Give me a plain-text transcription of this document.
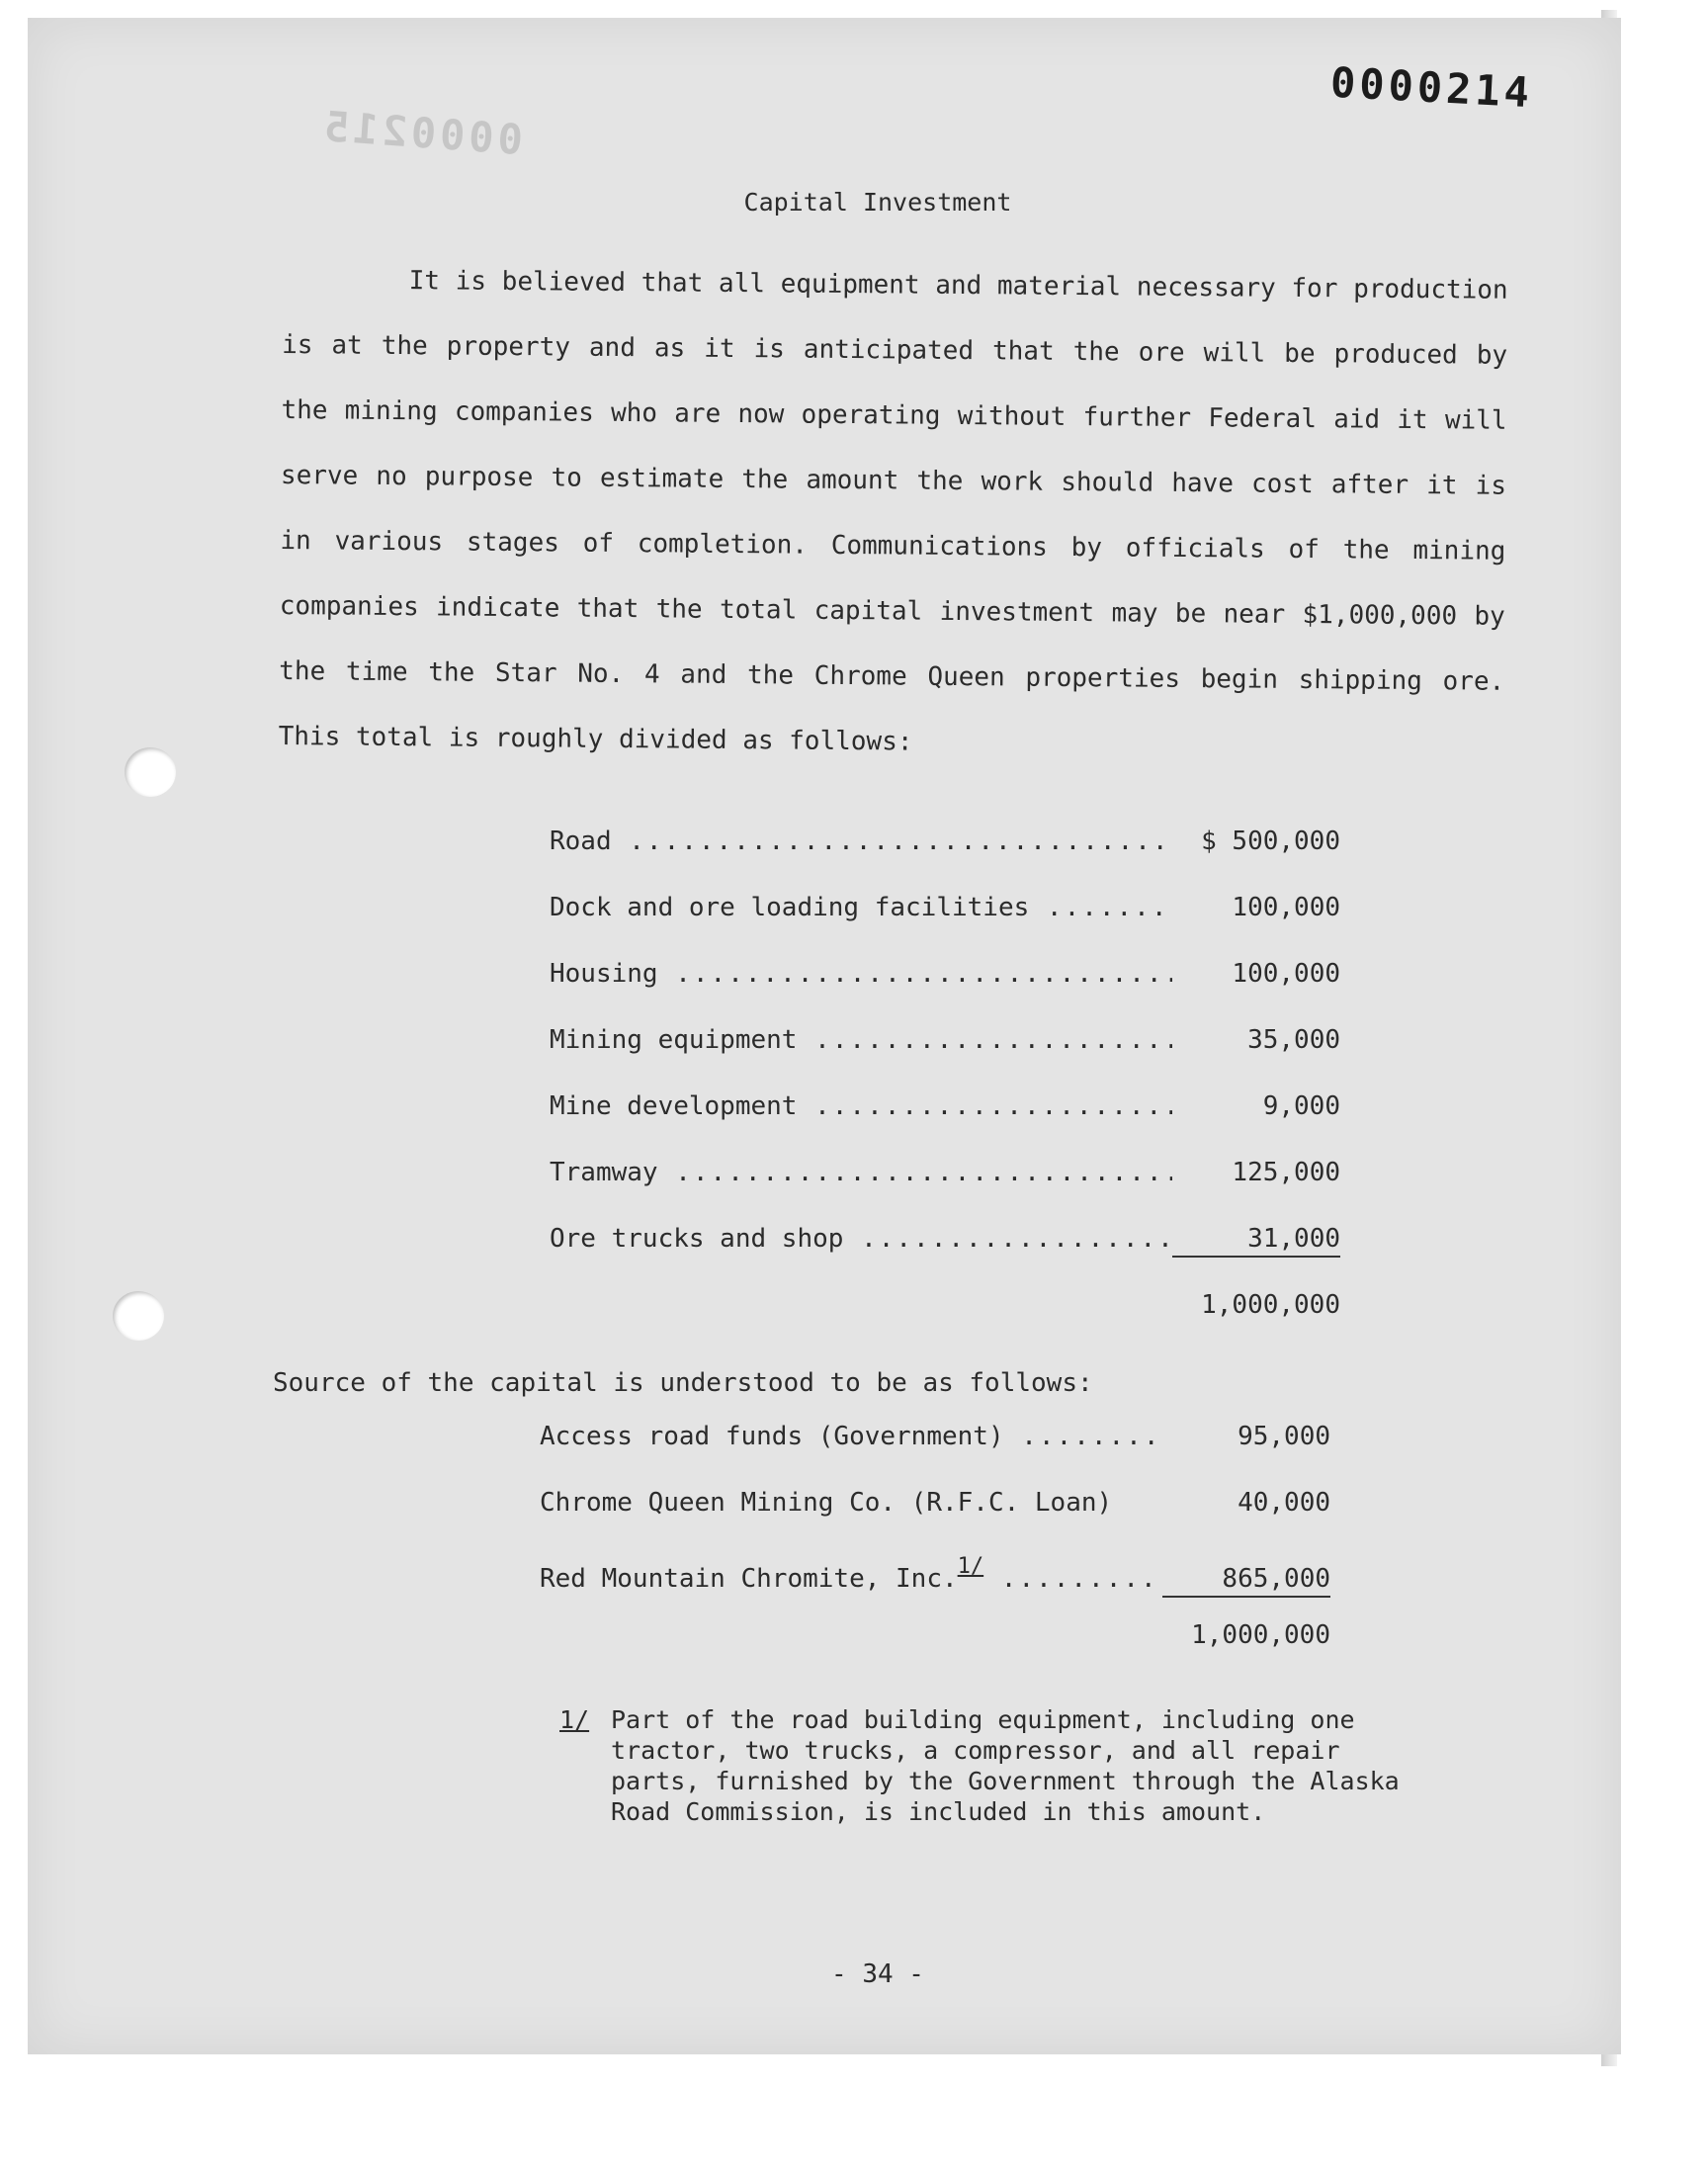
0000215
0000214
Capital Investment
It is believed that all equipment and material necessary for production is at the property and as it is anticipated that the ore will be produced by the mining companies who are now operating without further Federal aid it will serve no purpose to estimate the amount the work should have cost after it is in various stages of completion. Communications by officials of the mining companies indicate that the total capital investment may be near $1,000,000 by the time the Star No. 4 and the Chrome Queen properties begin shipping ore. This total is roughly divided as follows:
Road .....	$ 500,000
Dock and ore loading facilities .....	100,000
Housing .....	100,000
Mining equipment .....	35,000
Mine development .....	9,000
Tramway .....	125,000
Ore trucks and shop .....	31,000
1,000,000
Source of the capital is understood to be as follows:
Access road funds (Government) .....	95,000
Chrome Queen Mining Co. (R.F.C. Loan)	40,000
Red Mountain Chromite, Inc.$^{1/}$ .....	865,000
1,000,000
1/ Part of the road building equipment, including one tractor, two trucks, a compressor, and all repair parts, furnished by the Government through the Alaska Road Commission, is included in this amount.
- 34 -
